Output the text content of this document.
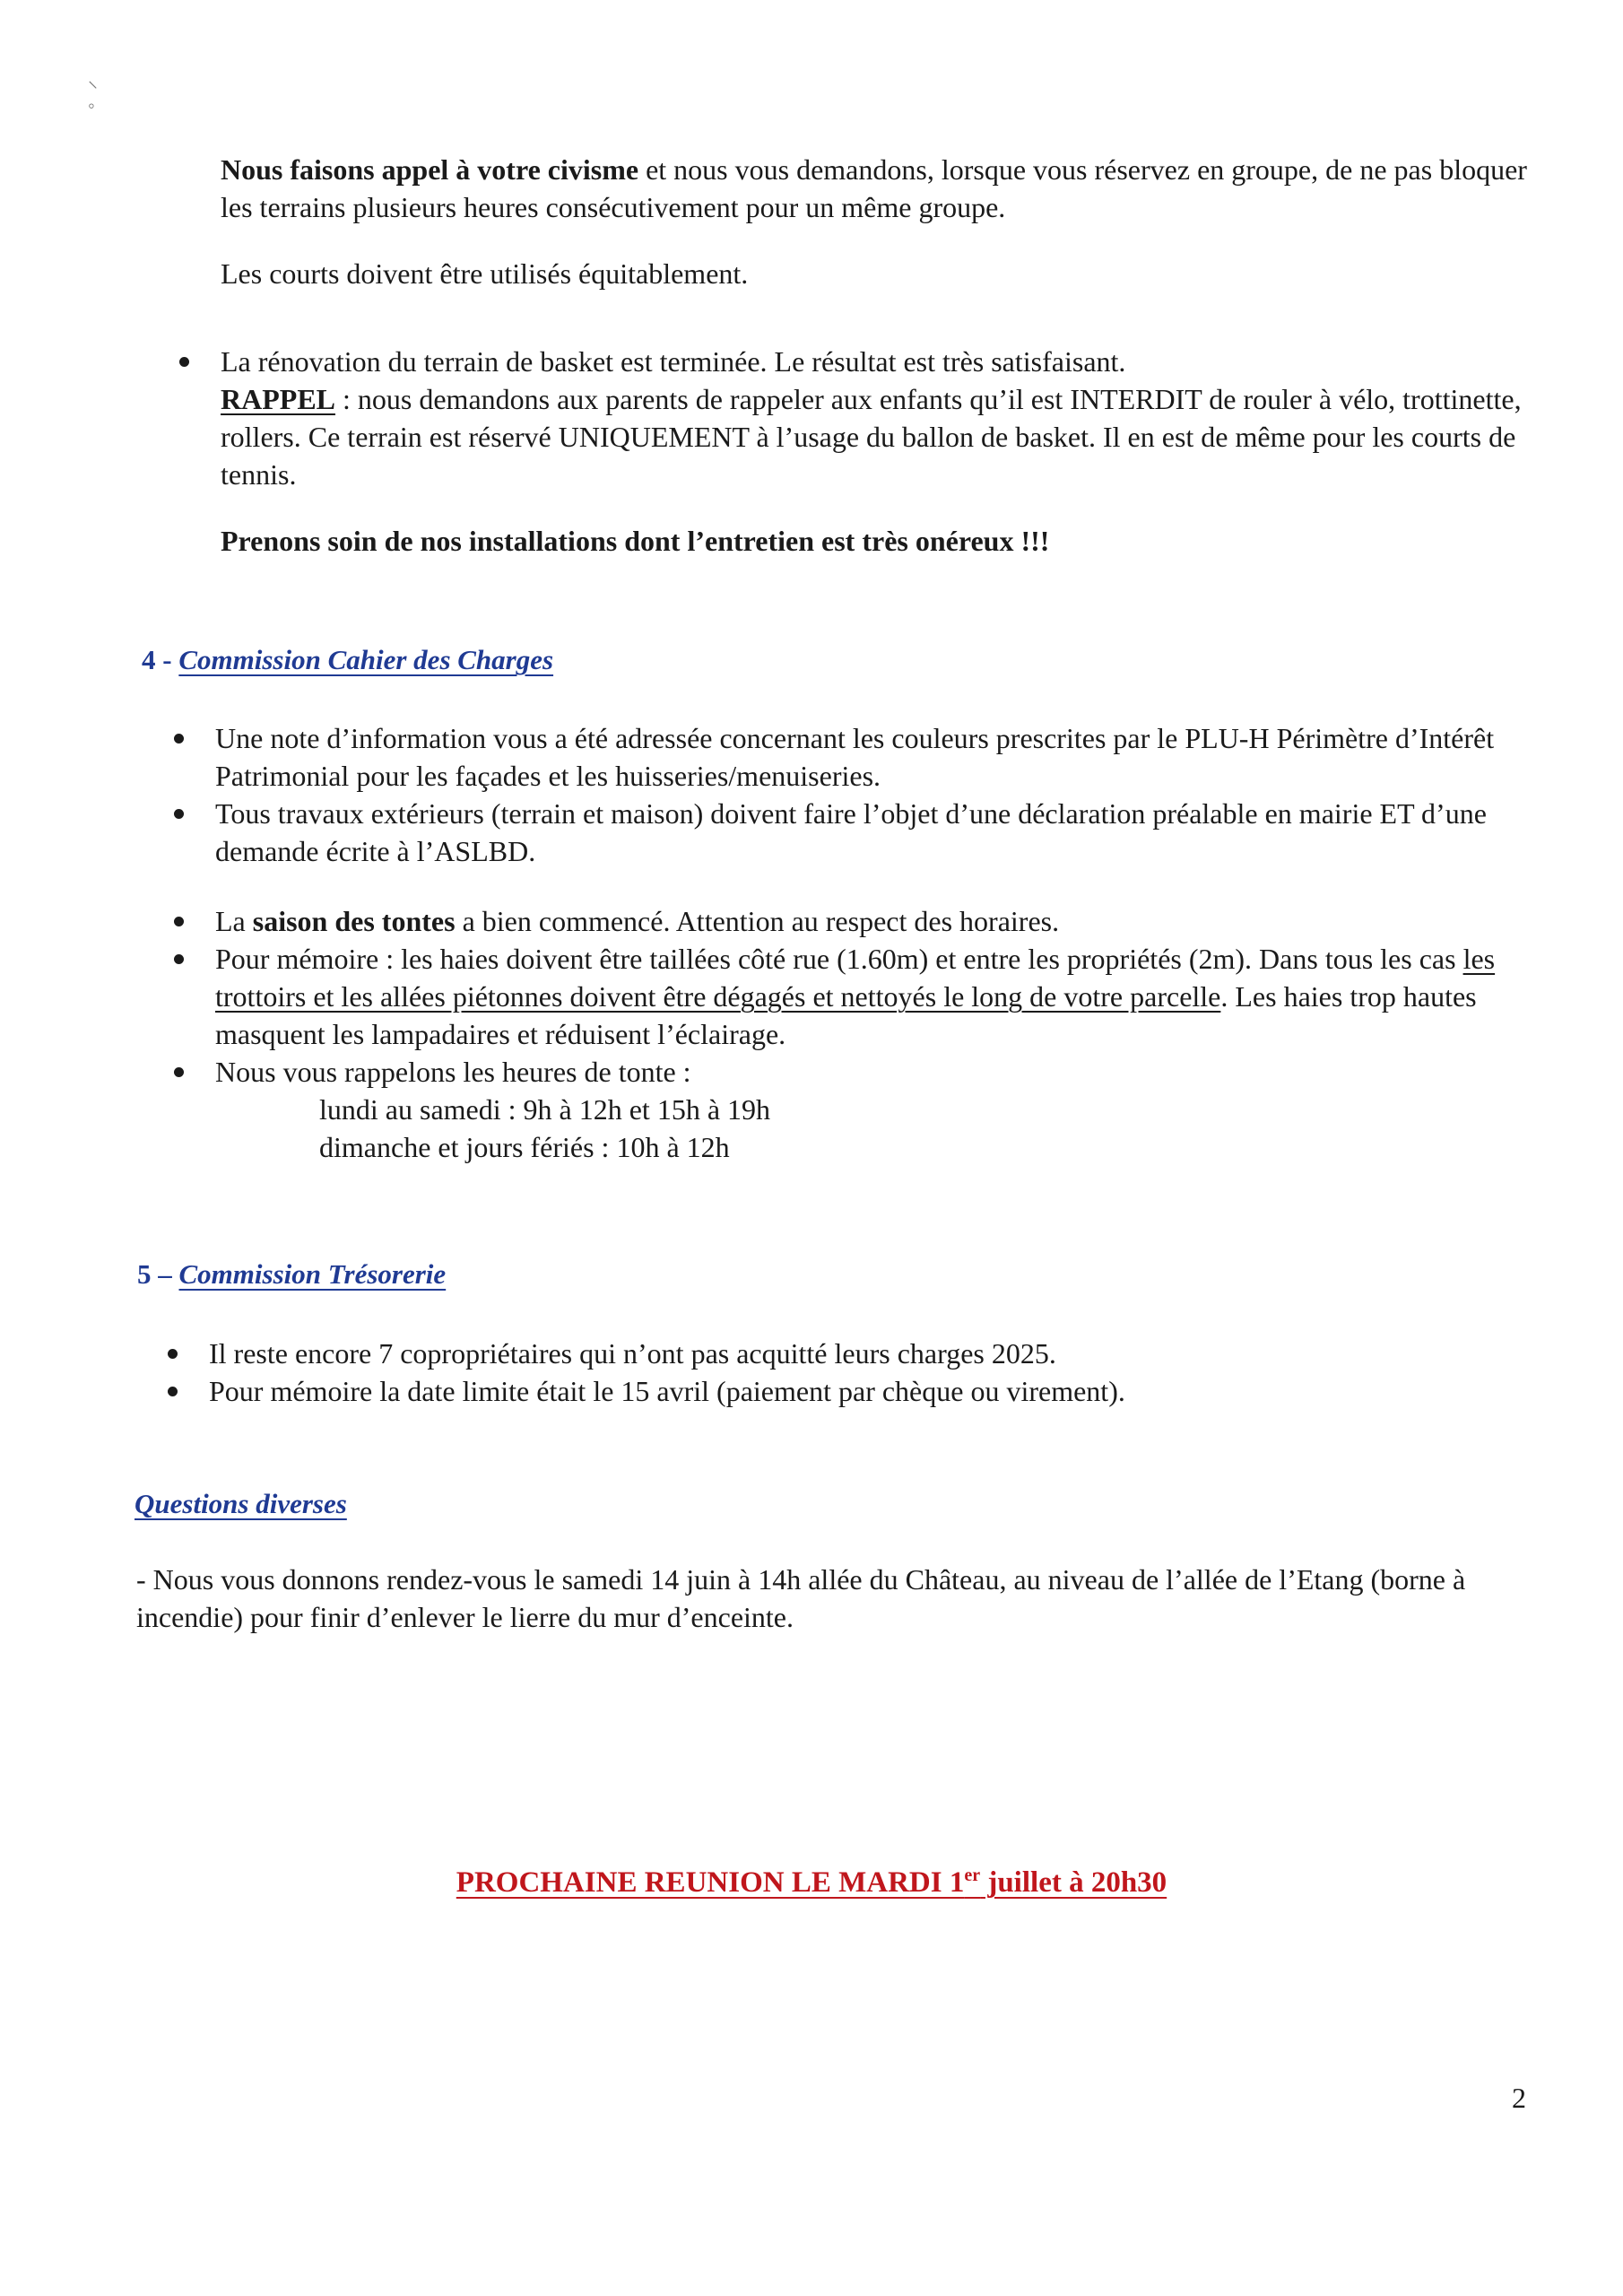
⸜
◦

Nous faisons appel à votre civisme et nous vous demandons, lorsque vous réservez en groupe, de ne pas bloquer les terrains plusieurs heures consécutivement pour un même groupe.

Les courts doivent être utilisés équitablement.

La rénovation du terrain de basket est terminée. Le résultat est très satisfaisant.
RAPPEL : nous demandons aux parents de rappeler aux enfants qu’il est INTERDIT de rouler à vélo, trottinette, rollers. Ce terrain est réservé UNIQUEMENT à l’usage du ballon de basket. Il en est de même pour les courts de tennis.

Prenons soin de nos installations dont l’entretien est très onéreux !!!

4 - Commission Cahier des Charges
Une note d’information vous a été adressée concernant les couleurs prescrites par le PLU-H Périmètre d’Intérêt Patrimonial pour les façades et les huisseries/menuiseries.
Tous travaux extérieurs (terrain et maison) doivent faire l’objet d’une déclaration préalable en mairie ET d’une demande écrite à l’ASLBD.
La saison des tontes a bien commencé. Attention au respect des horaires.
Pour mémoire : les haies doivent être taillées côté rue (1.60m) et entre les propriétés (2m). Dans tous les cas les trottoirs et les allées piétonnes doivent être dégagés et nettoyés le long de votre parcelle. Les haies trop hautes masquent les lampadaires et réduisent l’éclairage.
Nous vous rappelons les heures de tonte :
lundi au samedi : 9h à 12h et 15h à 19h
dimanche et jours fériés : 10h à 12h
5 – Commission Trésorerie
Il reste encore 7 copropriétaires qui n’ont pas acquitté leurs charges 2025.
Pour mémoire la date limite était le 15 avril (paiement par chèque ou virement).
Questions diverses

- Nous vous donnons rendez-vous le samedi 14 juin à 14h allée du Château, au niveau de l’allée de l’Etang (borne à incendie) pour finir d’enlever le lierre du mur d’enceinte.

PROCHAINE REUNION LE MARDI 1er juillet à 20h30
2
